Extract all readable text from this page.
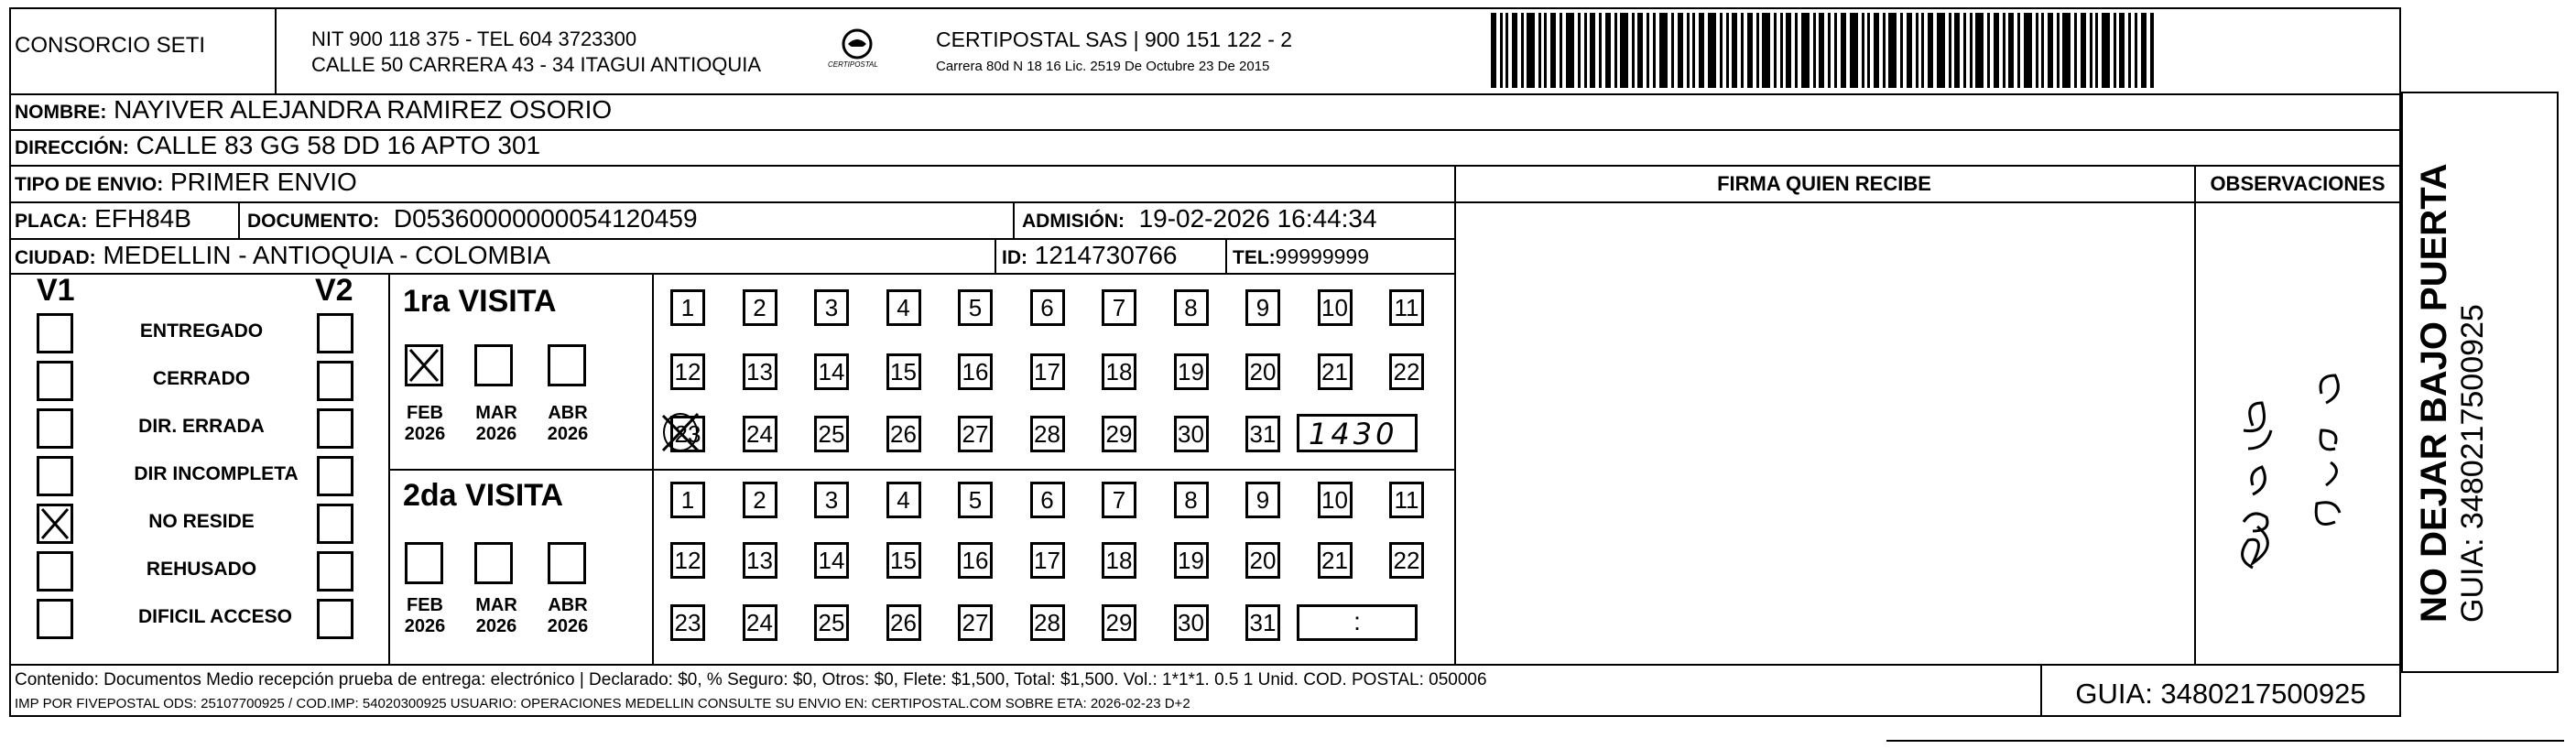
CONSORCIO SETI	NIT 900 118 375 - TEL 604 3723300
CALLE 50 CARRERA 43 - 34 ITAGUI ANTIOQUIA	CERTIPOSTAL
CERTIPOSTAL SAS | 900 151 122 - 2
Carrera 80d N 18 16 Lic. 2519 De Octubre 23 De 2015
NOMBRE: NAYIVER ALEJANDRA RAMIREZ OSORIO
DIRECCIÓN: CALLE 83 GG 58 DD 16 APTO 301
TIPO DE ENVIO: PRIMER ENVIO
PLACA: EFH84B	DOCUMENTO: D05360000000054120459	ADMISIÓN: 19-02-2026 16:44:34
CIUDAD: MEDELLIN - ANTIOQUIA - COLOMBIA	ID: 1214730766	TEL:99999999
FIRMA QUIEN RECIBE	OBSERVACIONES
V1	V2
ENTREGADO
CERRADO
DIR. ERRADA
DIR INCOMPLETA
NO RESIDE
REHUSADO
DIFICIL ACCESO
1ra VISITA
FEB
2026
MAR
2026
ABR
2026
2da VISITA
FEB
2026
MAR
2026
ABR
2026
1	2	3	4	5	6	7	8	9	10 11
12 13 14 15 16 17 18 19 20 21 22
23 24 25 26 27 28 29 30 31 1430
1	2	3	4	5	6	7	8	9	10 11
12 13 14 15 16 17 18 19 20 21 22
23 24 25 26 27 28 29 30 31	:	NO DEJAR BAJO PUERTA GUIA: 3480217500925
Contenido: Documentos Medio recepción prueba de entrega: electrónico | Declarado: $0, % Seguro: $0, Otros: $0, Flete: $1,500, Total: $1,500. Vol.: 1*1*1. 0.5 1 Unid. COD. POSTAL: 050006
IMP POR FIVEPOSTAL ODS: 25107700925 / COD.IMP: 54020300925 USUARIO: OPERACIONES MEDELLIN CONSULTE SU ENVIO EN: CERTIPOSTAL.COM SOBRE ETA: 2026-02-23 D+2	GUIA: 3480217500925
